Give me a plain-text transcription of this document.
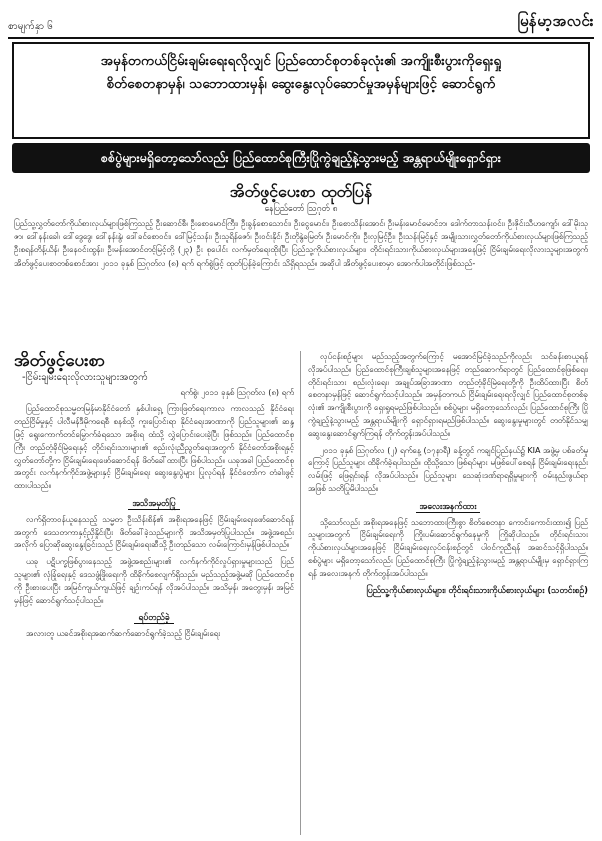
စာမျက်နှာ ၆	မြန်မာ့အလင်း
အမှန်တကယ်ငြိမ်းချမ်းရေးရလိုလျှင် ပြည်ထောင်စုတစ်ခုလုံး၏ အကျိုးစီးပွားကိုရှေးရှု
စိတ်စေတနာမှန်၊ သဘောထားမှန်၊ ဆွေးနွေးလုပ်ဆောင်မှုအမှန်များဖြင့် ဆောင်ရွက်
စစ်ပွဲများမရှိတော့သော်လည်း ပြည်ထောင်စုကြီးပြိုကွဲချည့်နဲ့သွားမည့် အန္တရာယ်မျိုးရှောင်ရှား
အိတ်ဖွင့်ပေးစာ ထုတ်ပြန်
နေပြည်တော် သြဂုတ် ၈
ပြည်သူ့လွှတ်တော်ကိုယ်စားလှယ်များဖြစ်ကြသည့် ဦးဆောင်စီ၊ ဦးစောမောင်ကြီး၊ ဦးခွန်စောသောင်း၊ ဦးငွေမောင်း၊ ဦးစောသိန်းအောင်၊ ဦးမန်းမောင်မောင်ဘ၊ ဒေါက်တာသန်းဝင်း၊ ဦးဇိုင်းသီဟကျော်၊ ဒေါ်မိုးသုဇာ၊ ဒေါ်နန်းခေါ၊ ဒေါ်ဒွေဒွေ၊ ဒေါ်နန်းနွဲ၊ ဒေါ်ခင်စောဝင်း၊ ဒေါ်မြင့်သန်း၊ ဦးသူရိန်ဇော်၊ ဦးဝင်းနိုင်၊ ဦးတိုနွဲခမြတ်၊ ဦးမောင်ကိုး၊ ဦးလှမြင့်ဦး၊ ဦးသန်းမြင့်နှင့် အမျိုးသားလွှတ်တော်ကိုယ်စားလှယ်များဖြစ်ကြသည့် ဦးစရန်တိန့်ယိန်၊ ဦးနေဝင်းထွန်း၊ ဦးမန်းအောင်တင့်မြင့်တို့ (၂၃) ဦး စုပေါင်း လက်မှတ်ရေးထိုးပြီး ပြည်သူ့ကိုယ်စားလှယ်များ၊ တိုင်းရင်းသားကိုယ်စားလှယ်များအနေဖြင့် ငြိမ်းချမ်းရေးလိုလားသူများအတွက် အိတ်ဖွင့်ပေးစာတစ်စောင်အား ၂၀၁၁ ခုနှစ် သြဂုတ်လ (၈) ရက် ရက်စွဲဖြင့် ထုတ်ပြန်ခဲ့ကြောင်း သိရှိရသည်။ အဆိုပါ အိတ်ဖွင့်ပေးစာမှာ အောက်ပါအတိုင်းဖြစ်သည်-
အိတ်ဖွင့်ပေးစာ
-ငြိမ်းချမ်းရေးလိုလားသူများအတွက်
ရက်စွဲ၊ ၂၀၁၁ ခုနှစ် သြဂုတ်လ (၈) ရက်

ပြည်ထောင်စုသမ္မတမြန်မာနိုင်ငံတော် နှစ်ပါးရှေ့ ကြားဖြတ်ရေးကာလ ကာလသည် နိုင်ငံရေးတည်ငြိမ်မှုနှင့် ပါလီမန်ဒီမိုကရေစီ စနစ်သို့ ကူးပြောင်းရာ နိုင်ငံရေးအာဏာကို ပြည်သူများ၏ ဆန္ဒဖြင့် ရွေးကောက်တင်မြှောက်ခံရသော အစိုးရ ထံသို့ လွှဲပြောင်းပေးခဲ့ပြီး ဖြစ်သည်။ ပြည်ထောင်စုကြီး တည်တံ့ခိုင်မြဲရေးနှင့် တိုင်းရင်းသားများ၏ စည်းလုံးညီညွတ်ရေးအတွက် နိုင်ငံတော်အစိုးရနှင့် လွှတ်တော်တို့က ငြိမ်းချမ်းရေးဖော်ဆောင်ရန် ဖိတ်ခေါ်ထားပြီး ဖြစ်ပါသည်။ ယခုအခါ ပြည်ထောင်စုအတွင်း လက်နက်ကိုင်အဖွဲ့များနှင့် ငြိမ်းချမ်းရေး ဆွေးနွေးပွဲများ ပြုလုပ်ရန် နိုင်ငံတော်က တံခါးဖွင့်ထားပါသည်။

အသိအမှတ်ပြု

လက်ရှိတာဝန်ယူနေသည့် သမ္မတ ဦးသိန်းစိန်၏ အစိုးရအနေဖြင့် ငြိမ်းချမ်းရေးဖော်ဆောင်ရန်အတွက် ဒေသတကာနှင့်ညှိနှိုင်းပြီး ဖိတ်ခေါ်ခဲ့သည်များကို အသိအမှတ်ပြုပါသည်။ အဖွဲ့အစည်းအလိုက် ပြောဆိုဆွေးနွေးခြင်းသည် ငြိမ်းချမ်းရေးဆီသို့ ဦးတည်သော လမ်းကြောင်းမှန်ဖြစ်ပါသည်။

ယခု ပဋိပက္ခဖြစ်ပွားနေသည့် အဖွဲ့အစည်းများ၏ လက်နက်ကိုင်လှုပ်ရှားမှုများသည် ပြည်သူများ၏ လုံခြုံရေးနှင့် ဒေသဖွံ့ဖြိုးရေးကို ထိခိုက်စေလျက်ရှိသည်။ မည်သည့်အဖွဲ့မဆို ပြည်ထောင်စုကို ဦးစားပေးပြီး အမြင်ကျယ်ကျယ်ဖြင့် ချဉ်းကပ်ရန် လိုအပ်ပါသည်။ အသိမှန်၊ အတွေးမှန်၊ အမြင်မှန်ဖြင့် ဆောင်ရွက်သင့်ပါသည်။

ရပ်တည်ခဲ့

အလားတူ ယခင်အစိုးရအဆက်ဆက်ဆောင်ရွက်ခဲ့သည့် ငြိမ်းချမ်းရေး

လုပ်ငန်းစဉ်များ မည်သည့်အတွက်ကြောင့် မအောင်မြင်ခဲ့သည်ကိုလည်း သင်ခန်းစာယူရန် လိုအပ်ပါသည်။ ပြည်ထောင်စုကြီးချစ်သူများအနေဖြင့် တည်ဆောက်ရာတွင် ပြည်ထောင်စုဖြစ်ရေး၊ တိုင်းရင်းသား စည်းလုံးရေး၊ အချုပ်အခြာအာဏာ တည်တံ့ခိုင်မြဲရေးတို့ကို ဦးထိပ်ထားပြီး စိတ်စေတနာမှန်ဖြင့် ဆောင်ရွက်သင့်ပါသည်။ အမှန်တကယ် ငြိမ်းချမ်းရေးရလိုလျှင် ပြည်ထောင်စုတစ်ခုလုံး၏ အကျိုးစီးပွားကို ရှေးရှုရမည်ဖြစ်ပါသည်။ စစ်ပွဲများ မရှိတော့သော်လည်း ပြည်ထောင်စုကြီး ပြိုကွဲချည့်နဲ့သွားမည့် အန္တရာယ်မျိုးကို ရှောင်ရှားရမည်ဖြစ်ပါသည်။ ဆွေးနွေးမှုများတွင် တတ်နိုင်သမျှ ဆွေးနွေးဆောင်ရွက်ကြရန် တိုက်တွန်းအပ်ပါသည်။

၂၀၁၁ ခုနှစ် သြဂုတ်လ (၂) ရက်နေ့ (၁၇နာရီ) ခန့်တွင် ကချင်ပြည်နယ်၌ KIA အဖွဲ့မှ ပစ်ခတ်မှုကြောင့် ပြည်သူများ ထိခိုက်ခဲ့ရပါသည်။ ထိုသို့သော ဖြစ်ရပ်များ မဖြစ်ပေါ်စေရန် ငြိမ်းချမ်းရေးနည်းလမ်းဖြင့် ဖြေရှင်းရန် လိုအပ်ပါသည်။ ပြည်သူများ သေဆုံးဒဏ်ရာရရှိမှုများကို ဝမ်းနည်းဖွယ်ရာအဖြစ် သတိပြုမိပါသည်။

အလေးအနက်ထား

သို့သော်လည်း အစိုးရအနေဖြင့် သဘောထားကြီးစွာ စိတ်စေတနာ ကောင်းကောင်းထား၍ ပြည်သူများအတွက် ငြိမ်းချမ်းရေးကို ကြိုးပမ်းဆောင်ရွက်နေမှုကို ကြိုဆိုပါသည်။ တိုင်းရင်းသားကိုယ်စားလှယ်များအနေဖြင့် ငြိမ်းချမ်းရေးလုပ်ငန်းစဉ်တွင် ပါဝင်ကူညီရန် အဆင်သင့်ရှိပါသည်။ စစ်ပွဲများ မရှိတော့သော်လည်း ပြည်ထောင်စုကြီး ပြိုကွဲချည့်နဲ့သွားမည့် အန္တရာယ်မျိုးမှ ရှောင်ရှားကြရန် အလေးအနက် တိုက်တွန်းအပ်ပါသည်။

ပြည်သူ့ကိုယ်စားလှယ်များ၊ တိုင်းရင်းသားကိုယ်စားလှယ်များ (သတင်းစဉ်)
